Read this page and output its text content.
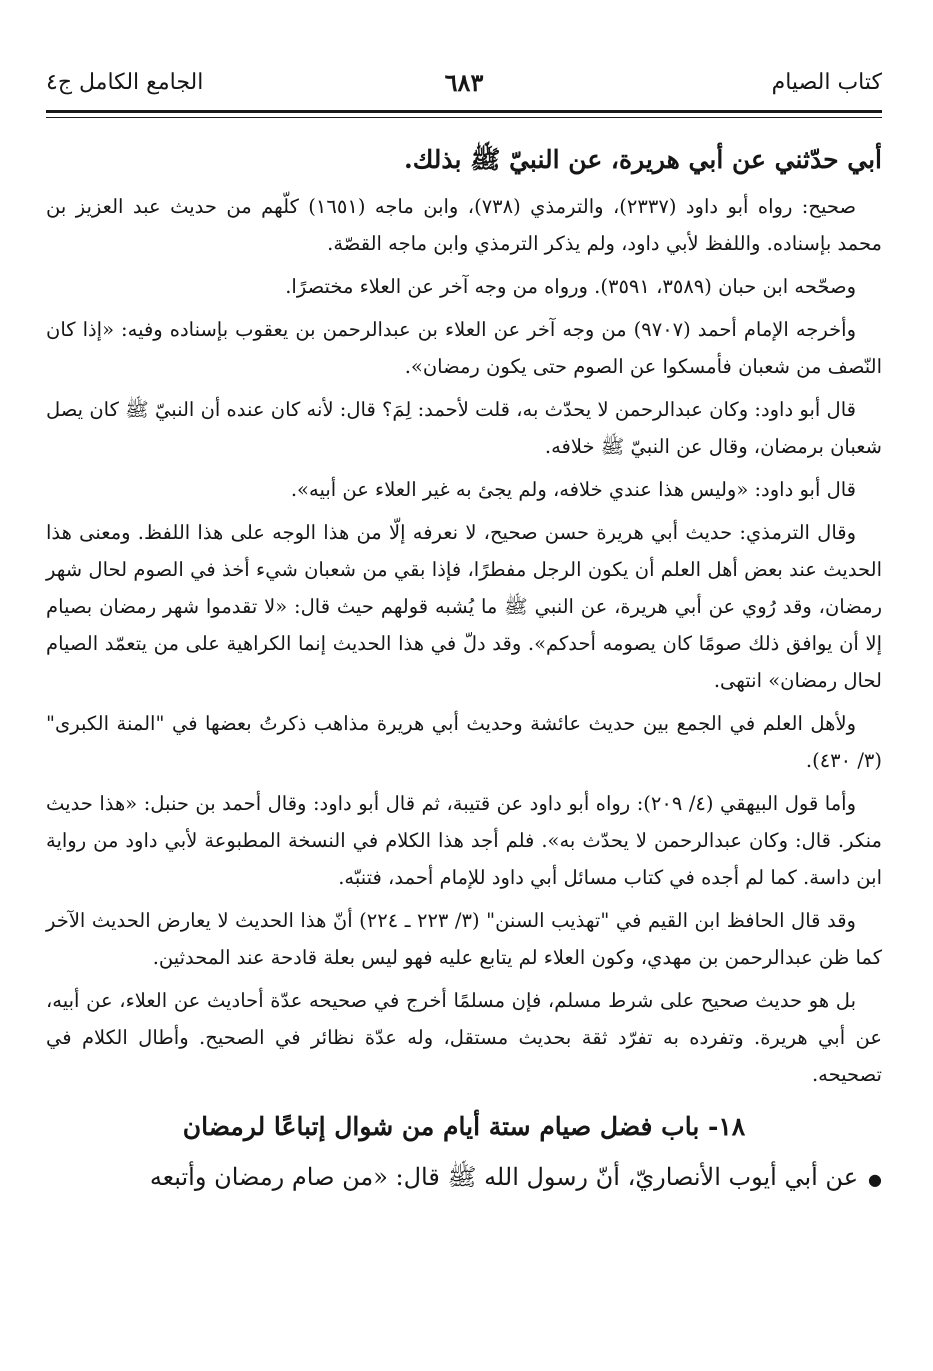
كتاب الصيام
٦٨٣
الجامع الكامل ج٤

أبي حدّثني عن أبي هريرة، عن النبيّ ﷺ بذلك.

صحيح: رواه أبو داود (٢٣٣٧)، والترمذي (٧٣٨)، وابن ماجه (١٦٥١) كلّهم من حديث عبد العزيز بن محمد بإسناده. واللفظ لأبي داود، ولم يذكر الترمذي وابن ماجه القصّة.

وصحّحه ابن حبان (٣٥٨٩، ٣٥٩١). ورواه من وجه آخر عن العلاء مختصرًا.

وأخرجه الإمام أحمد (٩٧٠٧) من وجه آخر عن العلاء بن عبدالرحمن بن يعقوب بإسناده وفيه: «إذا كان النّصف من شعبان فأمسكوا عن الصوم حتى يكون رمضان».

قال أبو داود: وكان عبدالرحمن لا يحدّث به، قلت لأحمد: لِمَ؟ قال: لأنه كان عنده أن النبيّ ﷺ كان يصل شعبان برمضان، وقال عن النبيّ ﷺ خلافه.

قال أبو داود: «وليس هذا عندي خلافه، ولم يجئ به غير العلاء عن أبيه».

وقال الترمذي: حديث أبي هريرة حسن صحيح، لا نعرفه إلّا من هذا الوجه على هذا اللفظ. ومعنى هذا الحديث عند بعض أهل العلم أن يكون الرجل مفطرًا، فإذا بقي من شعبان شيء أخذ في الصوم لحال شهر رمضان، وقد رُوي عن أبي هريرة، عن النبي ﷺ ما يُشبه قولهم حيث قال: «لا تقدموا شهر رمضان بصيام إلا أن يوافق ذلك صومًا كان يصومه أحدكم». وقد دلّ في هذا الحديث إنما الكراهية على من يتعمّد الصيام لحال رمضان» انتهى.

ولأهل العلم في الجمع بين حديث عائشة وحديث أبي هريرة مذاهب ذكرتُ بعضها في "المنة الكبرى" (٣/ ٤٣٠).

وأما قول البيهقي (٤/ ٢٠٩): رواه أبو داود عن قتيبة، ثم قال أبو داود: وقال أحمد بن حنبل: «هذا حديث منكر. قال: وكان عبدالرحمن لا يحدّث به». فلم أجد هذا الكلام في النسخة المطبوعة لأبي داود من رواية ابن داسة. كما لم أجده في كتاب مسائل أبي داود للإمام أحمد، فتنبّه.

وقد قال الحافظ ابن القيم في "تهذيب السنن" (٣/ ٢٢٣ ـ ٢٢٤) أنّ هذا الحديث لا يعارض الحديث الآخر كما ظن عبدالرحمن بن مهدي، وكون العلاء لم يتابع عليه فهو ليس بعلة قادحة عند المحدثين.

بل هو حديث صحيح على شرط مسلم، فإن مسلمًا أخرج في صحيحه عدّة أحاديث عن العلاء، عن أبيه، عن أبي هريرة. وتفرده به تفرّد ثقة بحديث مستقل، وله عدّة نظائر في الصحيح. وأطال الكلام في تصحيحه.

١٨- باب فضل صيام ستة أيام من شوال إتباعًا لرمضان

●عن أبي أيوب الأنصاريّ، أنّ رسول الله ﷺ قال: «من صام رمضان وأتبعه
